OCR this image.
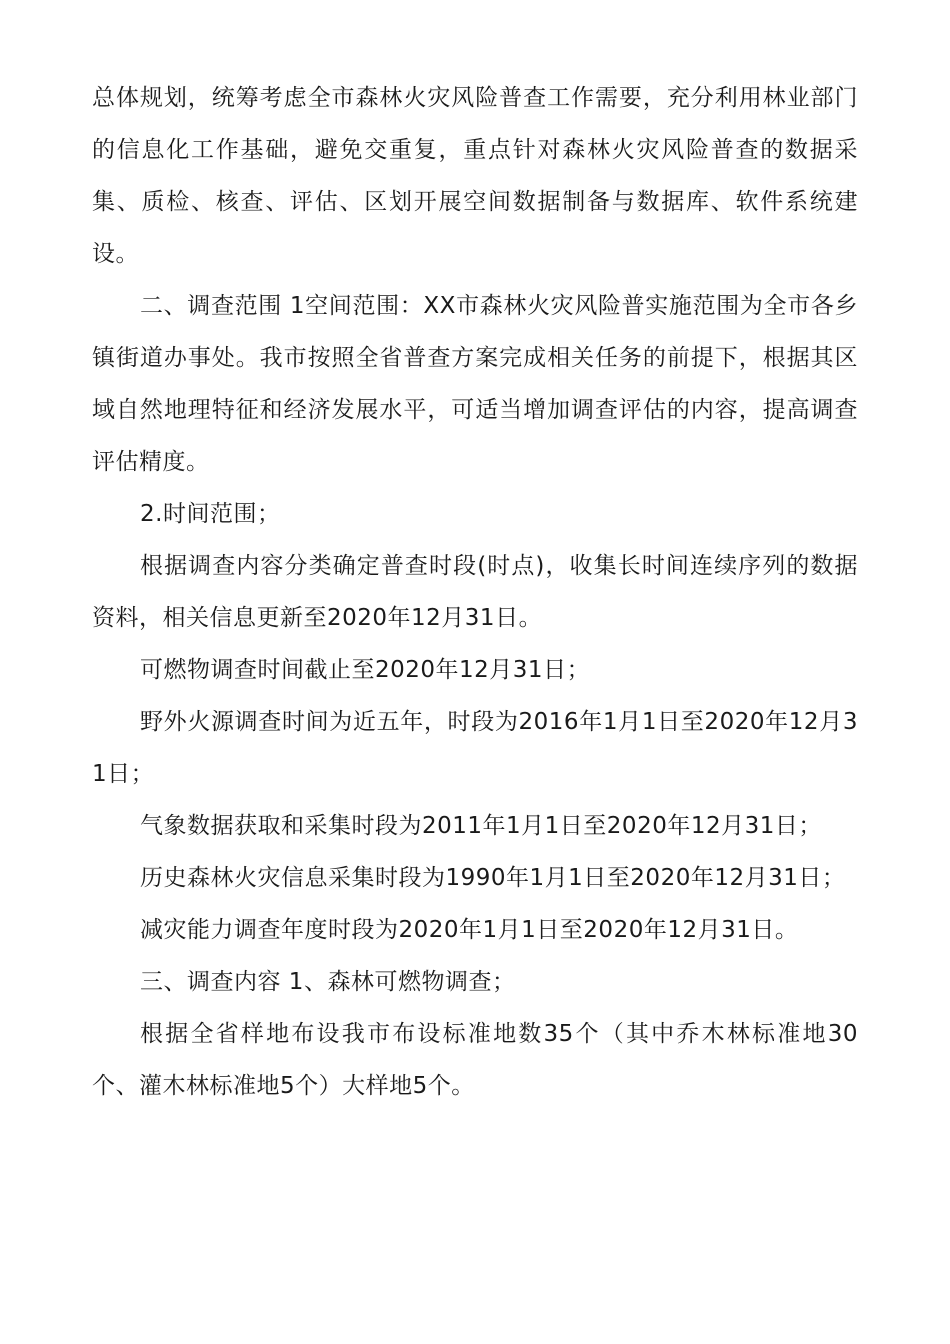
总体规划，统筹考虑全市森林火灾风险普查工作需要，充分利用林业部门的信息化工作基础，避免交重复，重点针对森林火灾风险普查的数据采集、质检、核查、评估、区划开展空间数据制备与数据库、软件系统建设。

二、调查范围 1空间范围：XX市森林火灾风险普实施范围为全市各乡镇街道办事处。我市按照全省普查方案完成相关任务的前提下，根据其区域自然地理特征和经济发展水平，可适当增加调查评估的内容，提高调查评估精度。

2.时间范围；

根据调查内容分类确定普查时段(时点)，收集长时间连续序列的数据资料，相关信息更新至2020年12月31日。

可燃物调查时间截止至2020年12月31日；

野外火源调查时间为近五年，时段为2016年1月1日至2020年12月31日；

气象数据获取和采集时段为2011年1月1日至2020年12月31日；

历史森林火灾信息采集时段为1990年1月1日至2020年12月31日；

减灾能力调查年度时段为2020年1月1日至2020年12月31日。

三、调查内容 1、森林可燃物调查；

根据全省样地布设我市布设标准地数35个（其中乔木林标准地30个、灌木林标准地5个）大样地5个。
